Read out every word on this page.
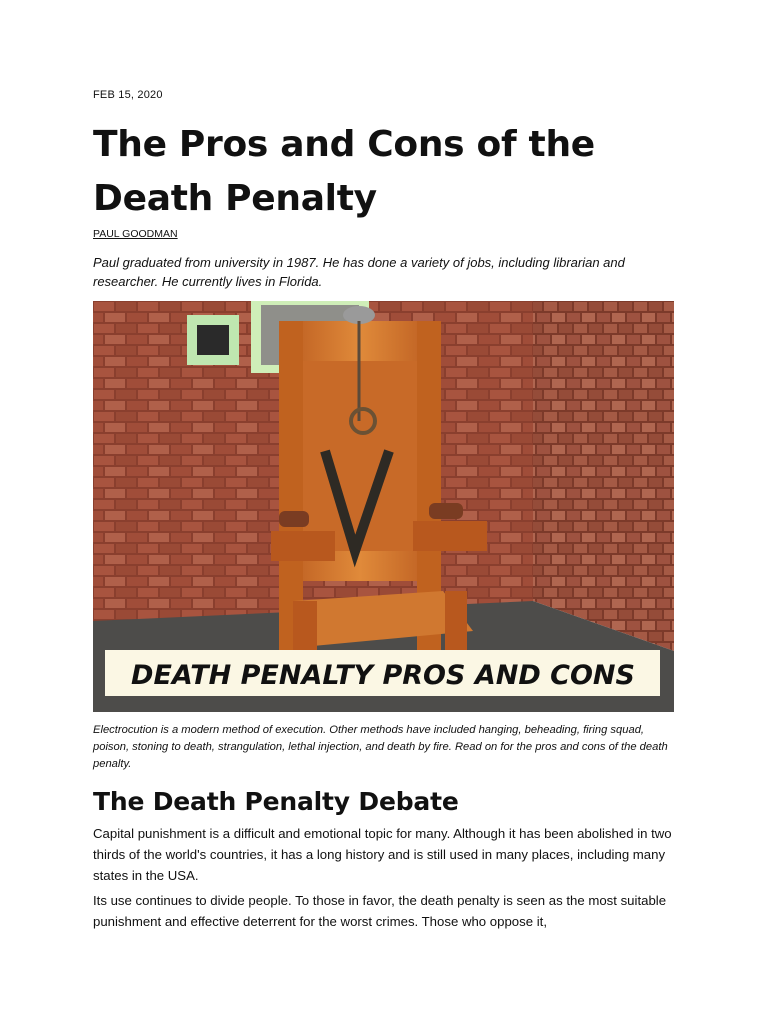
FEB 15, 2020
The Pros and Cons of the Death Penalty
PAUL GOODMAN

Paul graduated from university in 1987. He has done a variety of jobs, including librarian and researcher. He currently lives in Florida.

DEATH PENALTY PROS AND CONS

Electrocution is a modern method of execution. Other methods have included hanging, beheading, firing squad, poison, stoning to death, strangulation, lethal injection, and death by fire. Read on for the pros and cons of the death penalty.

The Death Penalty Debate

Capital punishment is a difficult and emotional topic for many. Although it has been abolished in two thirds of the world's countries, it has a long history and is still used in many places, including many states in the USA.

Its use continues to divide people. To those in favor, the death penalty is seen as the most suitable punishment and effective deterrent for the worst crimes. Those who oppose it,
